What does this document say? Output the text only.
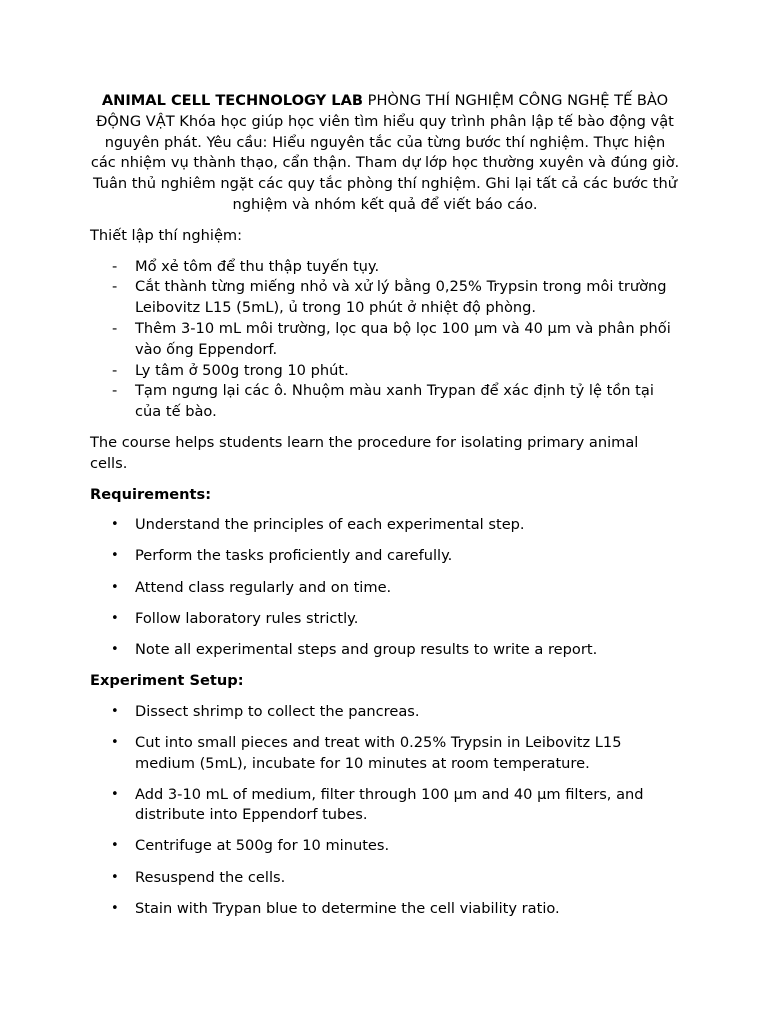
ANIMAL CELL TECHNOLOGY LAB PHÒNG THÍ NGHIỆM CÔNG NGHỆ TẾ BÀO ĐỘNG VẬT Khóa học giúp học viên tìm hiểu quy trình phân lập tế bào động vật nguyên phát. Yêu cầu: Hiểu nguyên tắc của từng bước thí nghiệm. Thực hiện các nhiệm vụ thành thạo, cẩn thận. Tham dự lớp học thường xuyên và đúng giờ. Tuân thủ nghiêm ngặt các quy tắc phòng thí nghiệm. Ghi lại tất cả các bước thử nghiệm và nhóm kết quả để viết báo cáo.

Thiết lập thí nghiệm:

- Mổ xẻ tôm để thu thập tuyến tụy.
- Cắt thành từng miếng nhỏ và xử lý bằng 0,25% Trypsin trong môi trường Leibovitz L15 (5mL), ủ trong 10 phút ở nhiệt độ phòng.
- Thêm 3-10 mL môi trường, lọc qua bộ lọc 100 µm và 40 µm và phân phối vào ống Eppendorf.
- Ly tâm ở 500g trong 10 phút.
- Tạm ngưng lại các ô. Nhuộm màu xanh Trypan để xác định tỷ lệ tồn tại của tế bào.

The course helps students learn the procedure for isolating primary animal cells.

Requirements:

• Understand the principles of each experimental step.
• Perform the tasks proficiently and carefully.
• Attend class regularly and on time.
• Follow laboratory rules strictly.
• Note all experimental steps and group results to write a report.

Experiment Setup:

• Dissect shrimp to collect the pancreas.
• Cut into small pieces and treat with 0.25% Trypsin in Leibovitz L15 medium (5mL), incubate for 10 minutes at room temperature.
• Add 3-10 mL of medium, filter through 100 µm and 40 µm filters, and distribute into Eppendorf tubes.
• Centrifuge at 500g for 10 minutes.
• Resuspend the cells.
• Stain with Trypan blue to determine the cell viability ratio.
